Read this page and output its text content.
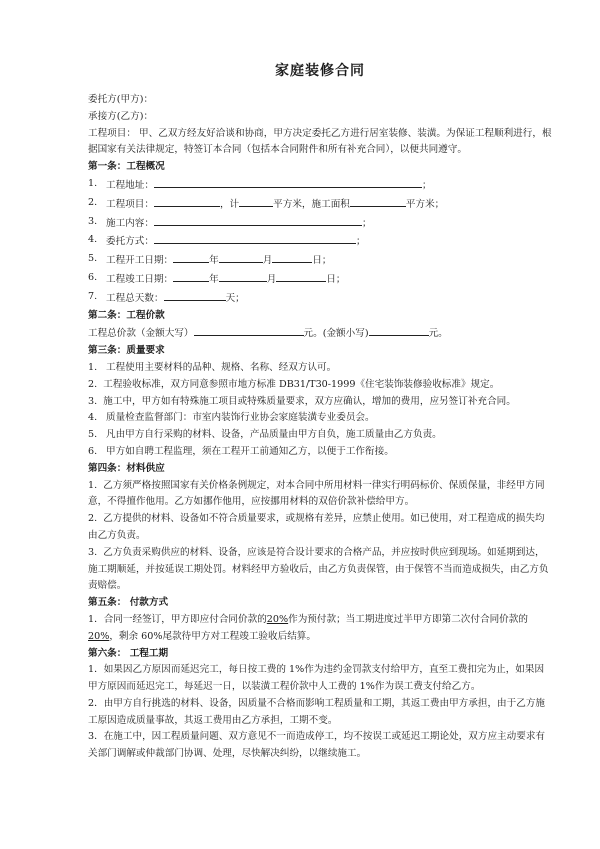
家庭装修合同

委托方(甲方)：

承接方(乙方)：

工程项目： 甲、乙双方经友好洽谈和协商，甲方决定委托乙方进行居室装修、装潢。为保证工程顺利进行，根据国家有关法律规定，特签订本合同（包括本合同附件和所有补充合同），以便共同遵守。

第一条：工程概况

1. 工程地址：	；
2. 工程项目：	，计	平方米，施工面积	平方米；
3. 施工内容：	；
4. 委托方式：	；
5. 工程开工日期：	年	月	日；
6. 工程竣工日期：	年	月	日；
7. 工程总天数：	天；

第二条：工程价款

工程总价款（金额大写）	元。(金额小写)	元。

第三条：质量要求

1. 工程使用主要材料的品种、规格、名称、经双方认可。

2. 工程验收标准，双方同意参照市地方标准 DB31/T30-1999《住宅装饰装修验收标准》规定。

3. 施工中，甲方如有特殊施工项目或特殊质量要求，双方应确认，增加的费用，应另签订补充合同。

4. 质量检查监督部门：市室内装饰行业协会家庭装潢专业委员会。
5. 凡由甲方自行采购的材料、设备，产品质量由甲方自负，施工质量由乙方负责。
6. 甲方如自聘工程监理，须在工程开工前通知乙方，以便于工作衔接。

第四条：材料供应

1. 乙方须严格按照国家有关价格条例规定，对本合同中所用材料一律实行明码标价、保质保量，非经甲方同意，不得擅作他用。乙方如挪作他用，应按挪用材料的双倍价款补偿给甲方。

2. 乙方提供的材料、设备如不符合质量要求，或规格有差异，应禁止使用。如已使用，对工程造成的损失均由乙方负责。

3. 乙方负责采购供应的材料、设备，应该是符合设计要求的合格产品，并应按时供应到现场。如延期到达，施工期顺延，并按延误工期处罚。材料经甲方验收后，由乙方负责保管，由于保管不当而造成损失，由乙方负责赔偿。

第五条： 付款方式

1．合同一经签订，甲方即应付合同价款的20%作为预付款；当工期进度过半甲方即第二次付合同价款的20%，剩余 60%尾款待甲方对工程竣工验收后结算。

第六条： 工程工期

1．如果因乙方原因而延迟完工，每日按工费的 1%作为违约金罚款支付给甲方，直至工费扣完为止，如果因甲方原因而延迟完工，每延迟一日，以装潢工程价款中人工费的 1%作为误工费支付给乙方。

2．由甲方自行挑选的材料、设备，因质量不合格而影响工程质量和工期，其返工费由甲方承担，由于乙方施工原因造成质量事故，其返工费用由乙方承担，工期不变。

3．在施工中，因工程质量问题、双方意见不一而造成停工，均不按误工或延迟工期论处，双方应主动要求有关部门调解或仲裁部门协调、处理，尽快解决纠纷，以继续施工。
